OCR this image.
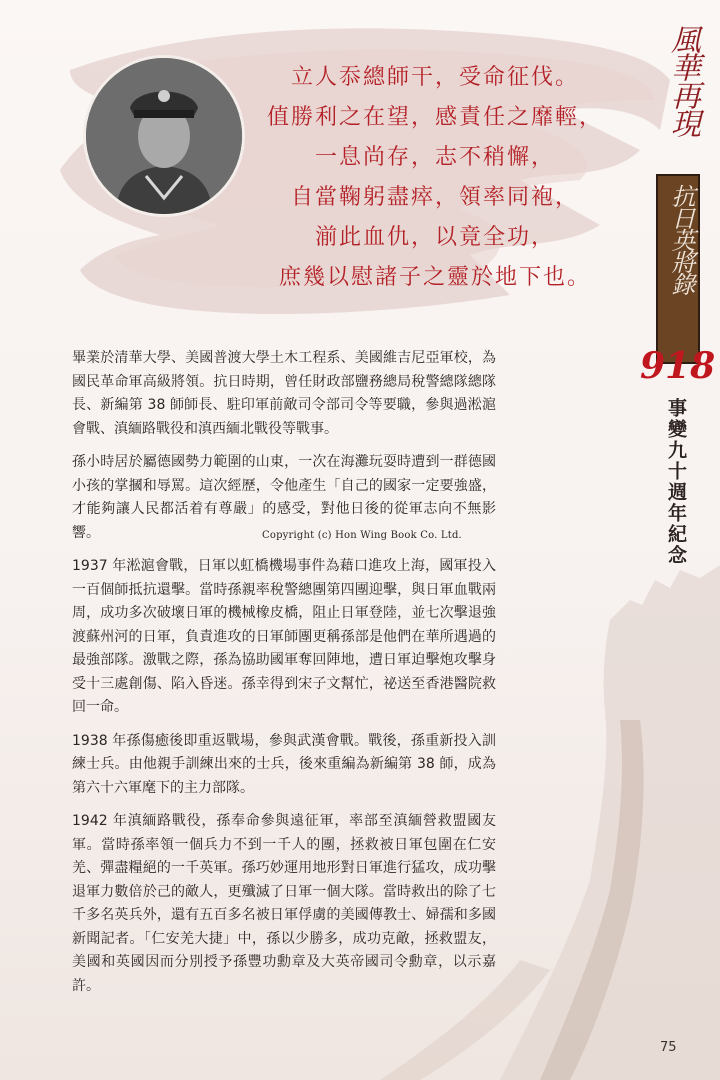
立人忝總師干，受命征伐。
值勝利之在望，感責任之靡輕，
一息尚存，志不稍懈，
自當鞠躬盡瘁，領率同袍，
湔此血仇，以竟全功，
庶幾以慰諸子之靈於地下也。
風華再現
抗日英將錄
918
事變九十週年紀念

畢業於清華大學、美國普渡大學土木工程系、美國維吉尼亞軍校，為國民革命軍高級將領。抗日時期，曾任財政部鹽務總局稅警總隊總隊長、新編第 38 師師長、駐印軍前敵司令部司令等要職，參與過淞滬會戰、滇緬路戰役和滇西緬北戰役等戰事。

孫小時居於屬德國勢力範圍的山東，一次在海灘玩耍時遭到一群德國小孩的掌摑和辱罵。這次經歷，令他產生「自己的國家一定要強盛，才能夠讓人民都活着有尊嚴」的感受，對他日後的從軍志向不無影響。

1937 年淞滬會戰，日軍以虹橋機場事件為藉口進攻上海，國軍投入一百個師抵抗還擊。當時孫親率稅警總團第四團迎擊，與日軍血戰兩周，成功多次破壞日軍的機械橡皮橋，阻止日軍登陸，並七次擊退強渡蘇州河的日軍，負責進攻的日軍師團更稱孫部是他們在華所遇過的最強部隊。激戰之際，孫為協助國軍奪回陣地，遭日軍迫擊炮攻擊身受十三處創傷、陷入昏迷。孫幸得到宋子文幫忙，祕送至香港醫院救回一命。

1938 年孫傷癒後即重返戰場，參與武漢會戰。戰後，孫重新投入訓練士兵。由他親手訓練出來的士兵，後來重編為新編第 38 師，成為第六十六軍麾下的主力部隊。

1942 年滇緬路戰役，孫奉命參與遠征軍，率部至滇緬營救盟國友軍。當時孫率領一個兵力不到一千人的團，拯救被日軍包圍在仁安羌、彈盡糧絕的一千英軍。孫巧妙運用地形對日軍進行猛攻，成功擊退軍力數倍於己的敵人，更殲滅了日軍一個大隊。當時救出的除了七千多名英兵外，還有五百多名被日軍俘虜的美國傳教士、婦孺和多國新聞記者。「仁安羌大捷」中，孫以少勝多，成功克敵，拯救盟友，美國和英國因而分別授予孫豐功勳章及大英帝國司令勳章，以示嘉許。

Copyright (c) Hon Wing Book Co. Ltd.
75
